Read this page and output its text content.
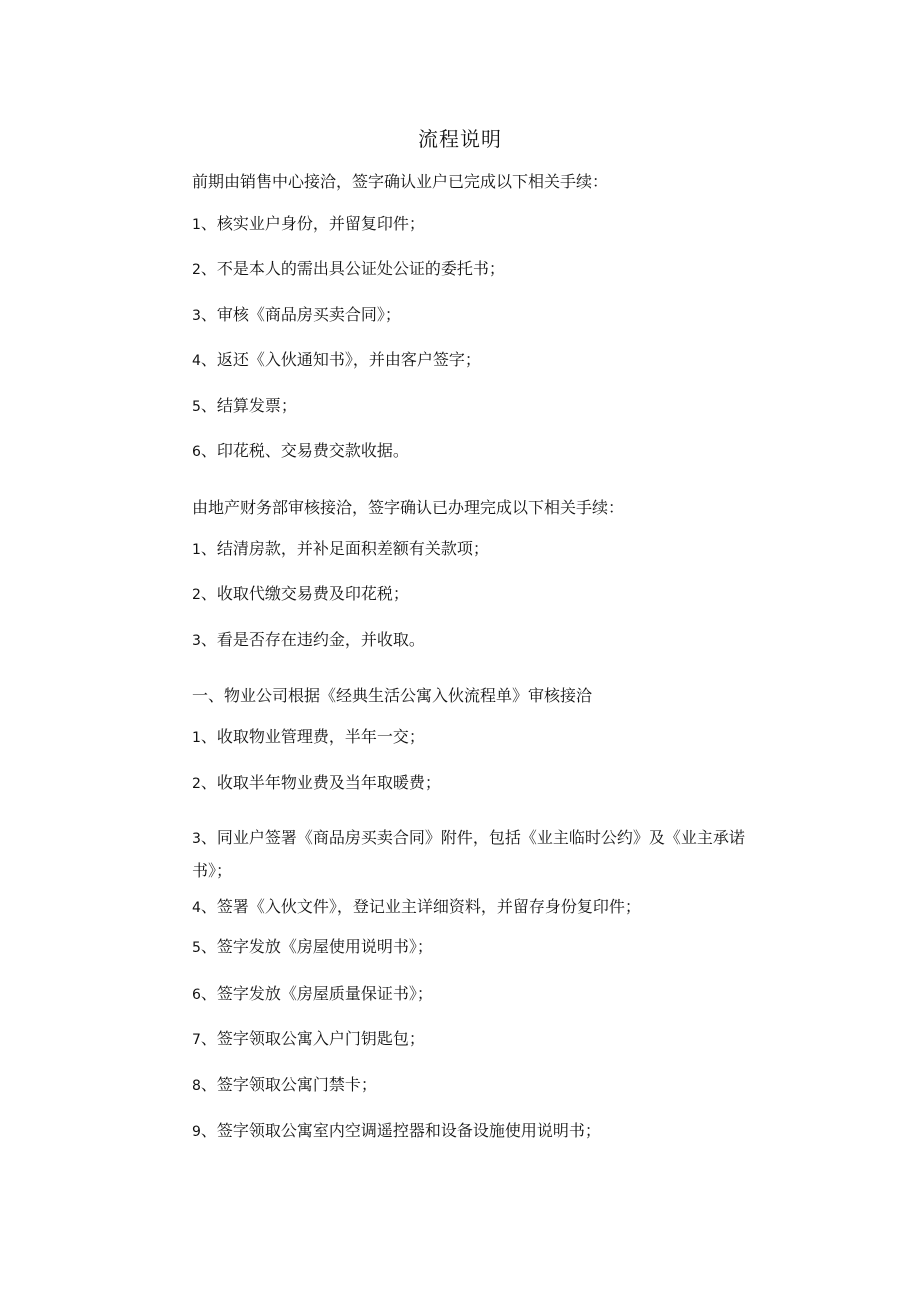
流程说明
前期由销售中心接洽，签字确认业户已完成以下相关手续：
1、核实业户身份，并留复印件；
2、不是本人的需出具公证处公证的委托书；
3、审核《商品房买卖合同》；
4、返还《入伙通知书》，并由客户签字；
5、结算发票；
6、印花税、交易费交款收据。
由地产财务部审核接洽，签字确认已办理完成以下相关手续：
1、结清房款，并补足面积差额有关款项；
2、收取代缴交易费及印花税；
3、看是否存在违约金，并收取。
一、物业公司根据《经典生活公寓入伙流程单》审核接洽
1、收取物业管理费，半年一交；
2、收取半年物业费及当年取暖费；
3、同业户签署《商品房买卖合同》附件，包括《业主临时公约》及《业主承诺书》；
4、签署《入伙文件》，登记业主详细资料，并留存身份复印件；
5、签字发放《房屋使用说明书》；
6、签字发放《房屋质量保证书》；
7、签字领取公寓入户门钥匙包；
8、签字领取公寓门禁卡；
9、签字领取公寓室内空调遥控器和设备设施使用说明书；
